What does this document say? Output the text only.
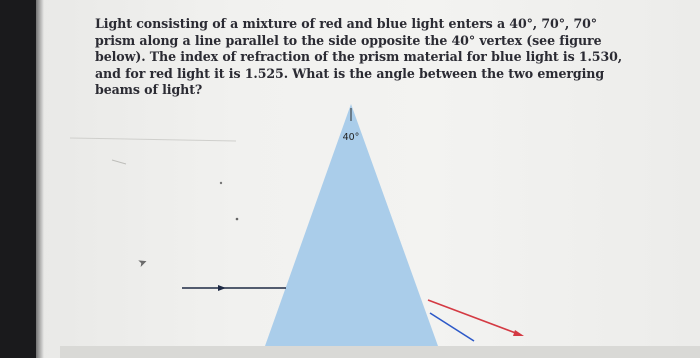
Light consisting of a mixture of red and blue light enters a 40°, 70°, 70° prism along a line parallel to the side opposite the 40° vertex (see figure below). The index of refraction of the prism material for blue light is 1.530, and for red light it is 1.525. What is the angle between the two emerging beams of light?

40°
➤
